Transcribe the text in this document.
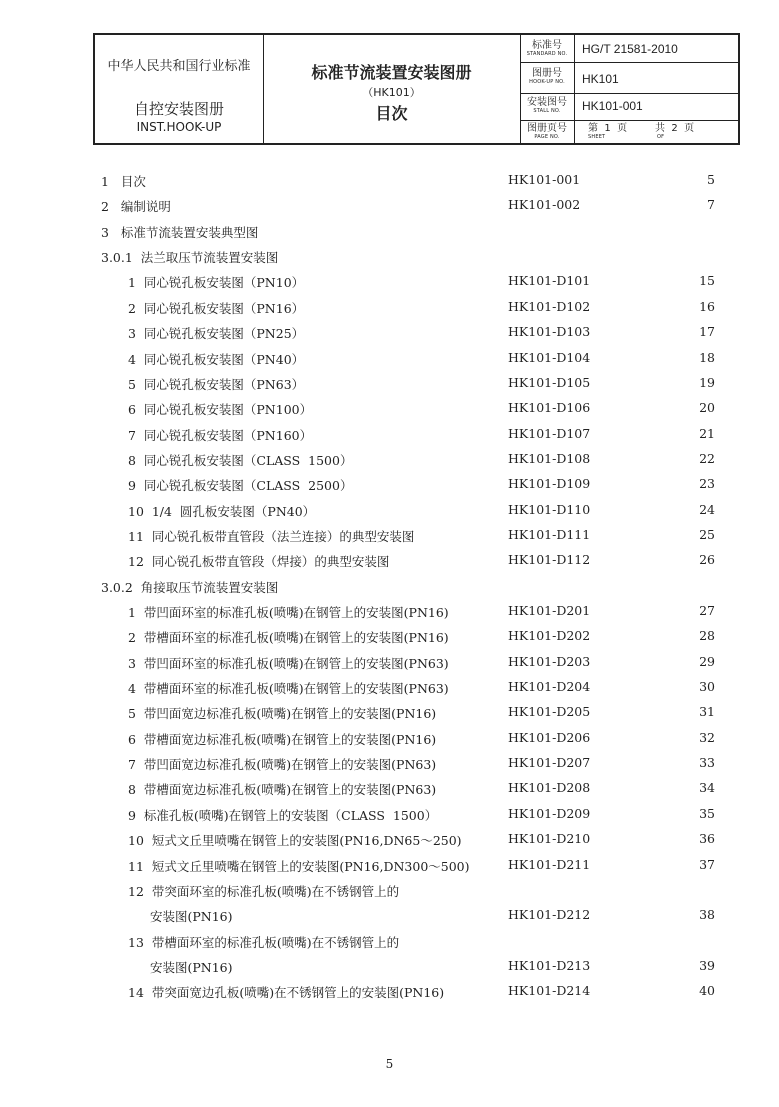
中华人民共和国行业标准
自控安装图册
INST.HOOK-UP
标准节流装置安装图册
（HK101）
目次
标准号
STANDARD NO.	HG/T 21581-2010
图册号
HOOK-UP NO.	HK101
安装图号
STALL NO.	HK101-001
图册页号
PAGE NO.
第  1  页
SHEET
共  2  页
OF
1   目次	HK101-001	5
2   编制说明	HK101-002	7
3   标准节流装置安装典型图
3.0.1  法兰取压节流装置安装图
1  同心锐孔板安装图（PN10）	HK101-D101	15
2  同心锐孔板安装图（PN16）	HK101-D102	16
3  同心锐孔板安装图（PN25）	HK101-D103	17
4  同心锐孔板安装图（PN40）	HK101-D104	18
5  同心锐孔板安装图（PN63）	HK101-D105	19
6  同心锐孔板安装图（PN100）	HK101-D106	20
7  同心锐孔板安装图（PN160）	HK101-D107	21
8  同心锐孔板安装图（CLASS  1500）	HK101-D108	22
9  同心锐孔板安装图（CLASS  2500）	HK101-D109	23
10  1/4  圆孔板安装图（PN40）	HK101-D110	24
11  同心锐孔板带直管段（法兰连接）的典型安装图	HK101-D111	25
12  同心锐孔板带直管段（焊接）的典型安装图	HK101-D112	26
3.0.2  角接取压节流装置安装图
1  带凹面环室的标准孔板(喷嘴)在钢管上的安装图(PN16)	HK101-D201	27
2  带槽面环室的标准孔板(喷嘴)在钢管上的安装图(PN16)	HK101-D202	28
3  带凹面环室的标准孔板(喷嘴)在钢管上的安装图(PN63)	HK101-D203	29
4  带槽面环室的标准孔板(喷嘴)在钢管上的安装图(PN63)	HK101-D204	30
5  带凹面宽边标准孔板(喷嘴)在钢管上的安装图(PN16)	HK101-D205	31
6  带槽面宽边标准孔板(喷嘴)在钢管上的安装图(PN16)	HK101-D206	32
7  带凹面宽边标准孔板(喷嘴)在钢管上的安装图(PN63)	HK101-D207	33
8  带槽面宽边标准孔板(喷嘴)在钢管上的安装图(PN63)	HK101-D208	34
9  标准孔板(喷嘴)在钢管上的安装图（CLASS  1500）	HK101-D209	35
10  短式文丘里喷嘴在钢管上的安装图(PN16,DN65～250)	HK101-D210	36
11  短式文丘里喷嘴在钢管上的安装图(PN16,DN300～500)	HK101-D211	37
12  带突面环室的标准孔板(喷嘴)在不锈钢管上的
安装图(PN16)	HK101-D212	38
13  带槽面环室的标准孔板(喷嘴)在不锈钢管上的
安装图(PN16)	HK101-D213	39
14  带突面宽边孔板(喷嘴)在不锈钢管上的安装图(PN16)	HK101-D214	40
5
